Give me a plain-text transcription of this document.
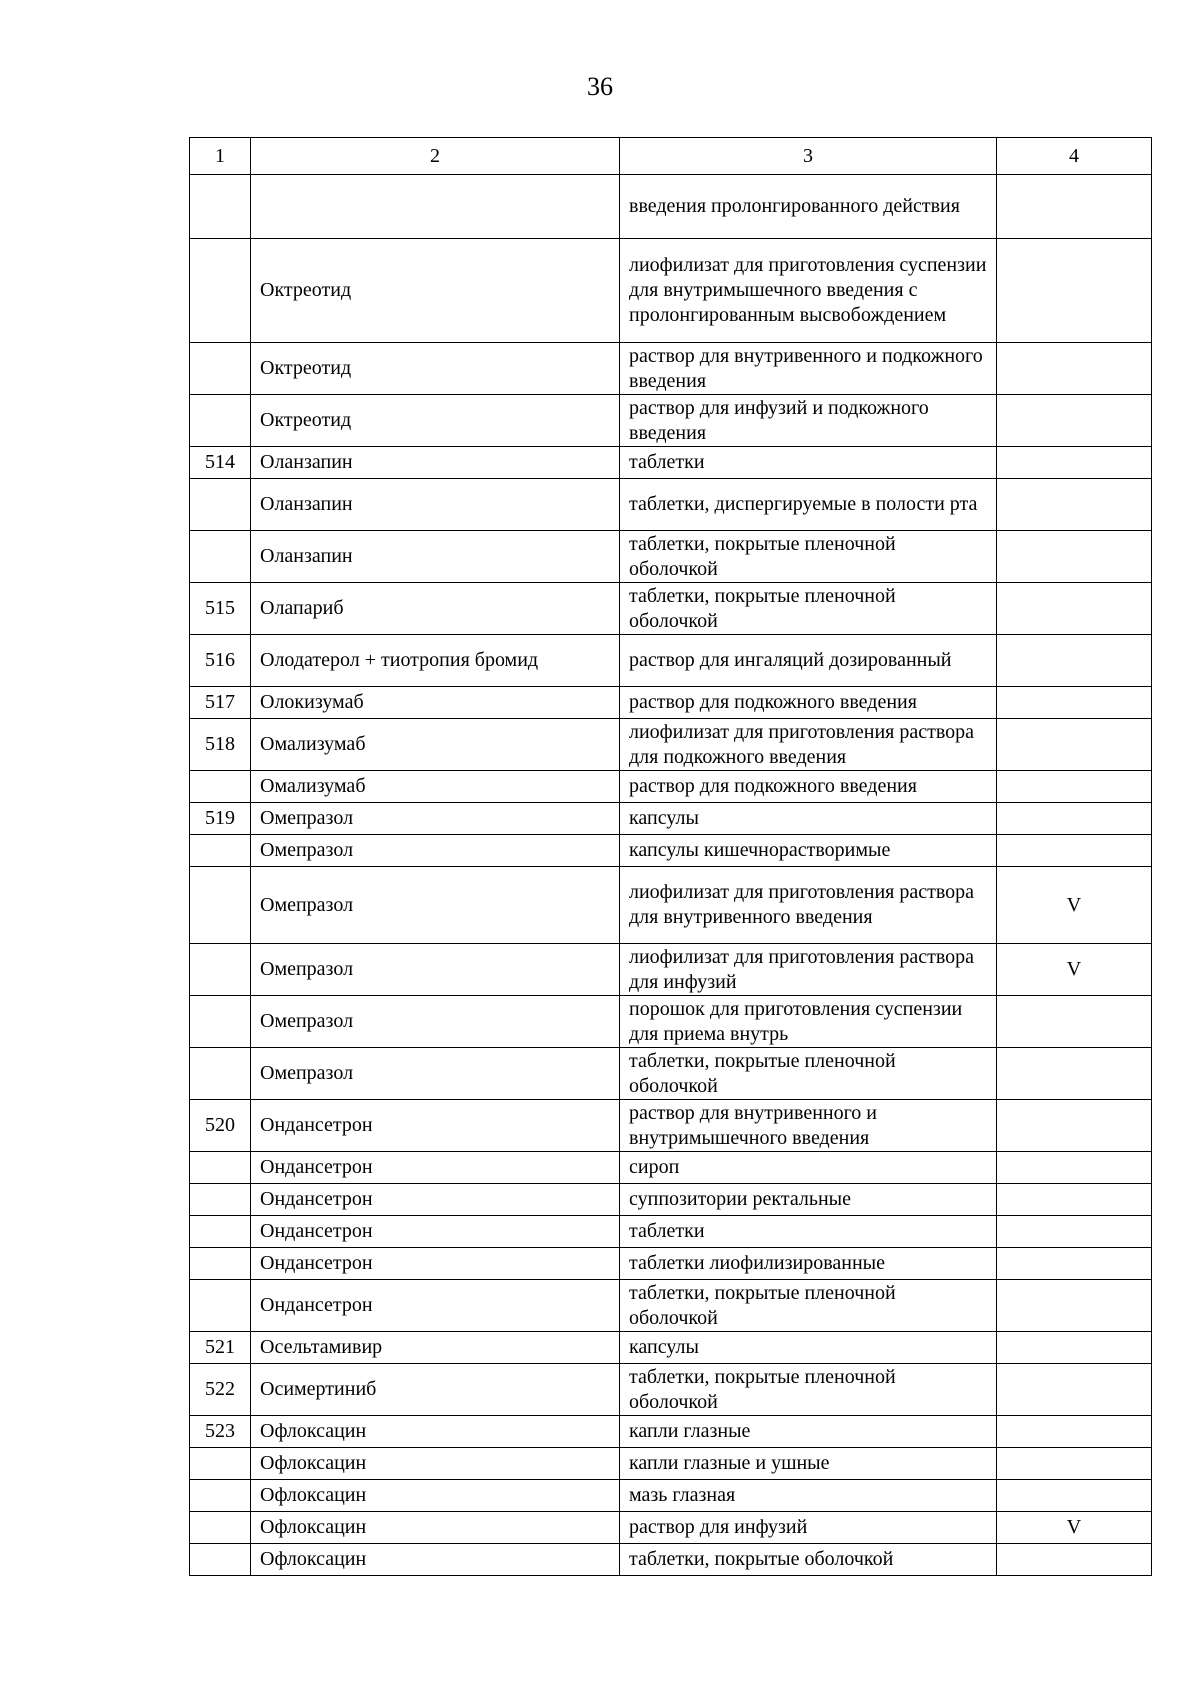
36
1	2	3	4
		введения пролонгированного действия	
	Октреотид	лиофилизат для приготовления суспензии для внутримышечного введения с пролонгированным высвобождением	
	Октреотид	раствор для внутривенного и подкожного введения	
	Октреотид	раствор для инфузий и подкожного введения	
514	Оланзапин	таблетки	
	Оланзапин	таблетки, диспергируемые в полости рта	
	Оланзапин	таблетки, покрытые пленочной оболочкой	
515	Олапариб	таблетки, покрытые пленочной оболочкой	
516	Олодатерол + тиотропия бромид	раствор для ингаляций дозированный	
517	Олокизумаб	раствор для подкожного введения	
518	Омализумаб	лиофилизат для приготовления раствора для подкожного введения	
	Омализумаб	раствор для подкожного введения	
519	Омепразол	капсулы	
	Омепразол	капсулы кишечнорастворимые	
	Омепразол	лиофилизат для приготовления раствора для внутривенного введения	V
	Омепразол	лиофилизат для приготовления раствора для инфузий	V
	Омепразол	порошок для приготовления суспензии для приема внутрь	
	Омепразол	таблетки, покрытые пленочной оболочкой	
520	Ондансетрон	раствор для внутривенного и внутримышечного введения	
	Ондансетрон	сироп	
	Ондансетрон	суппозитории ректальные	
	Ондансетрон	таблетки	
	Ондансетрон	таблетки лиофилизированные	
	Ондансетрон	таблетки, покрытые пленочной оболочкой	
521	Осельтамивир	капсулы	
522	Осимертиниб	таблетки, покрытые пленочной оболочкой	
523	Офлоксацин	капли глазные	
	Офлоксацин	капли глазные и ушные	
	Офлоксацин	мазь глазная	
	Офлоксацин	раствор для инфузий	V
	Офлоксацин	таблетки, покрытые оболочкой	
